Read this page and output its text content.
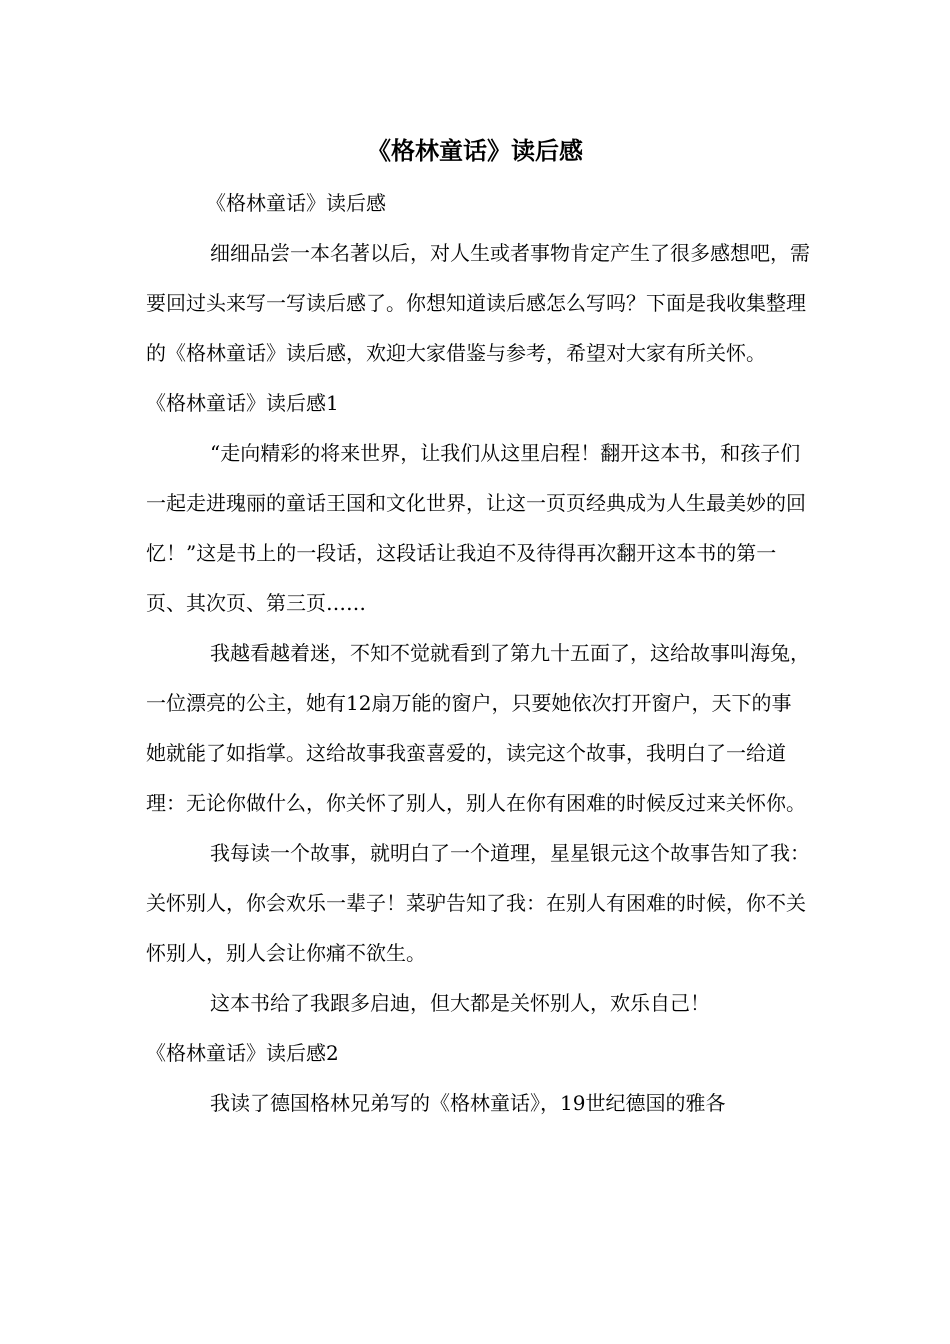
《格林童话》读后感

《格林童话》读后感

细细品尝一本名著以后，对人生或者事物肯定产生了很多感想吧，需要回过头来写一写读后感了。你想知道读后感怎么写吗？下面是我收集整理的《格林童话》读后感，欢迎大家借鉴与参考，希望对大家有所关怀。

《格林童话》读后感1

“走向精彩的将来世界，让我们从这里启程！翻开这本书，和孩子们一起走进瑰丽的童话王国和文化世界，让这一页页经典成为人生最美妙的回忆！”这是书上的一段话，这段话让我迫不及待得再次翻开这本书的第一页、其次页、第三页……

我越看越着迷，不知不觉就看到了第九十五面了，这给故事叫海兔，一位漂亮的公主，她有12扇万能的窗户，只要她依次打开窗户，天下的事她就能了如指掌。这给故事我蛮喜爱的，读完这个故事，我明白了一给道理：无论你做什么，你关怀了别人，别人在你有困难的时候反过来关怀你。

我每读一个故事，就明白了一个道理，星星银元这个故事告知了我：关怀别人，你会欢乐一辈子！菜驴告知了我：在别人有困难的时候，你不关怀别人，别人会让你痛不欲生。

这本书给了我跟多启迪，但大都是关怀别人，欢乐自己！

《格林童话》读后感2

我读了德国格林兄弟写的《格林童话》，19世纪德国的雅各
